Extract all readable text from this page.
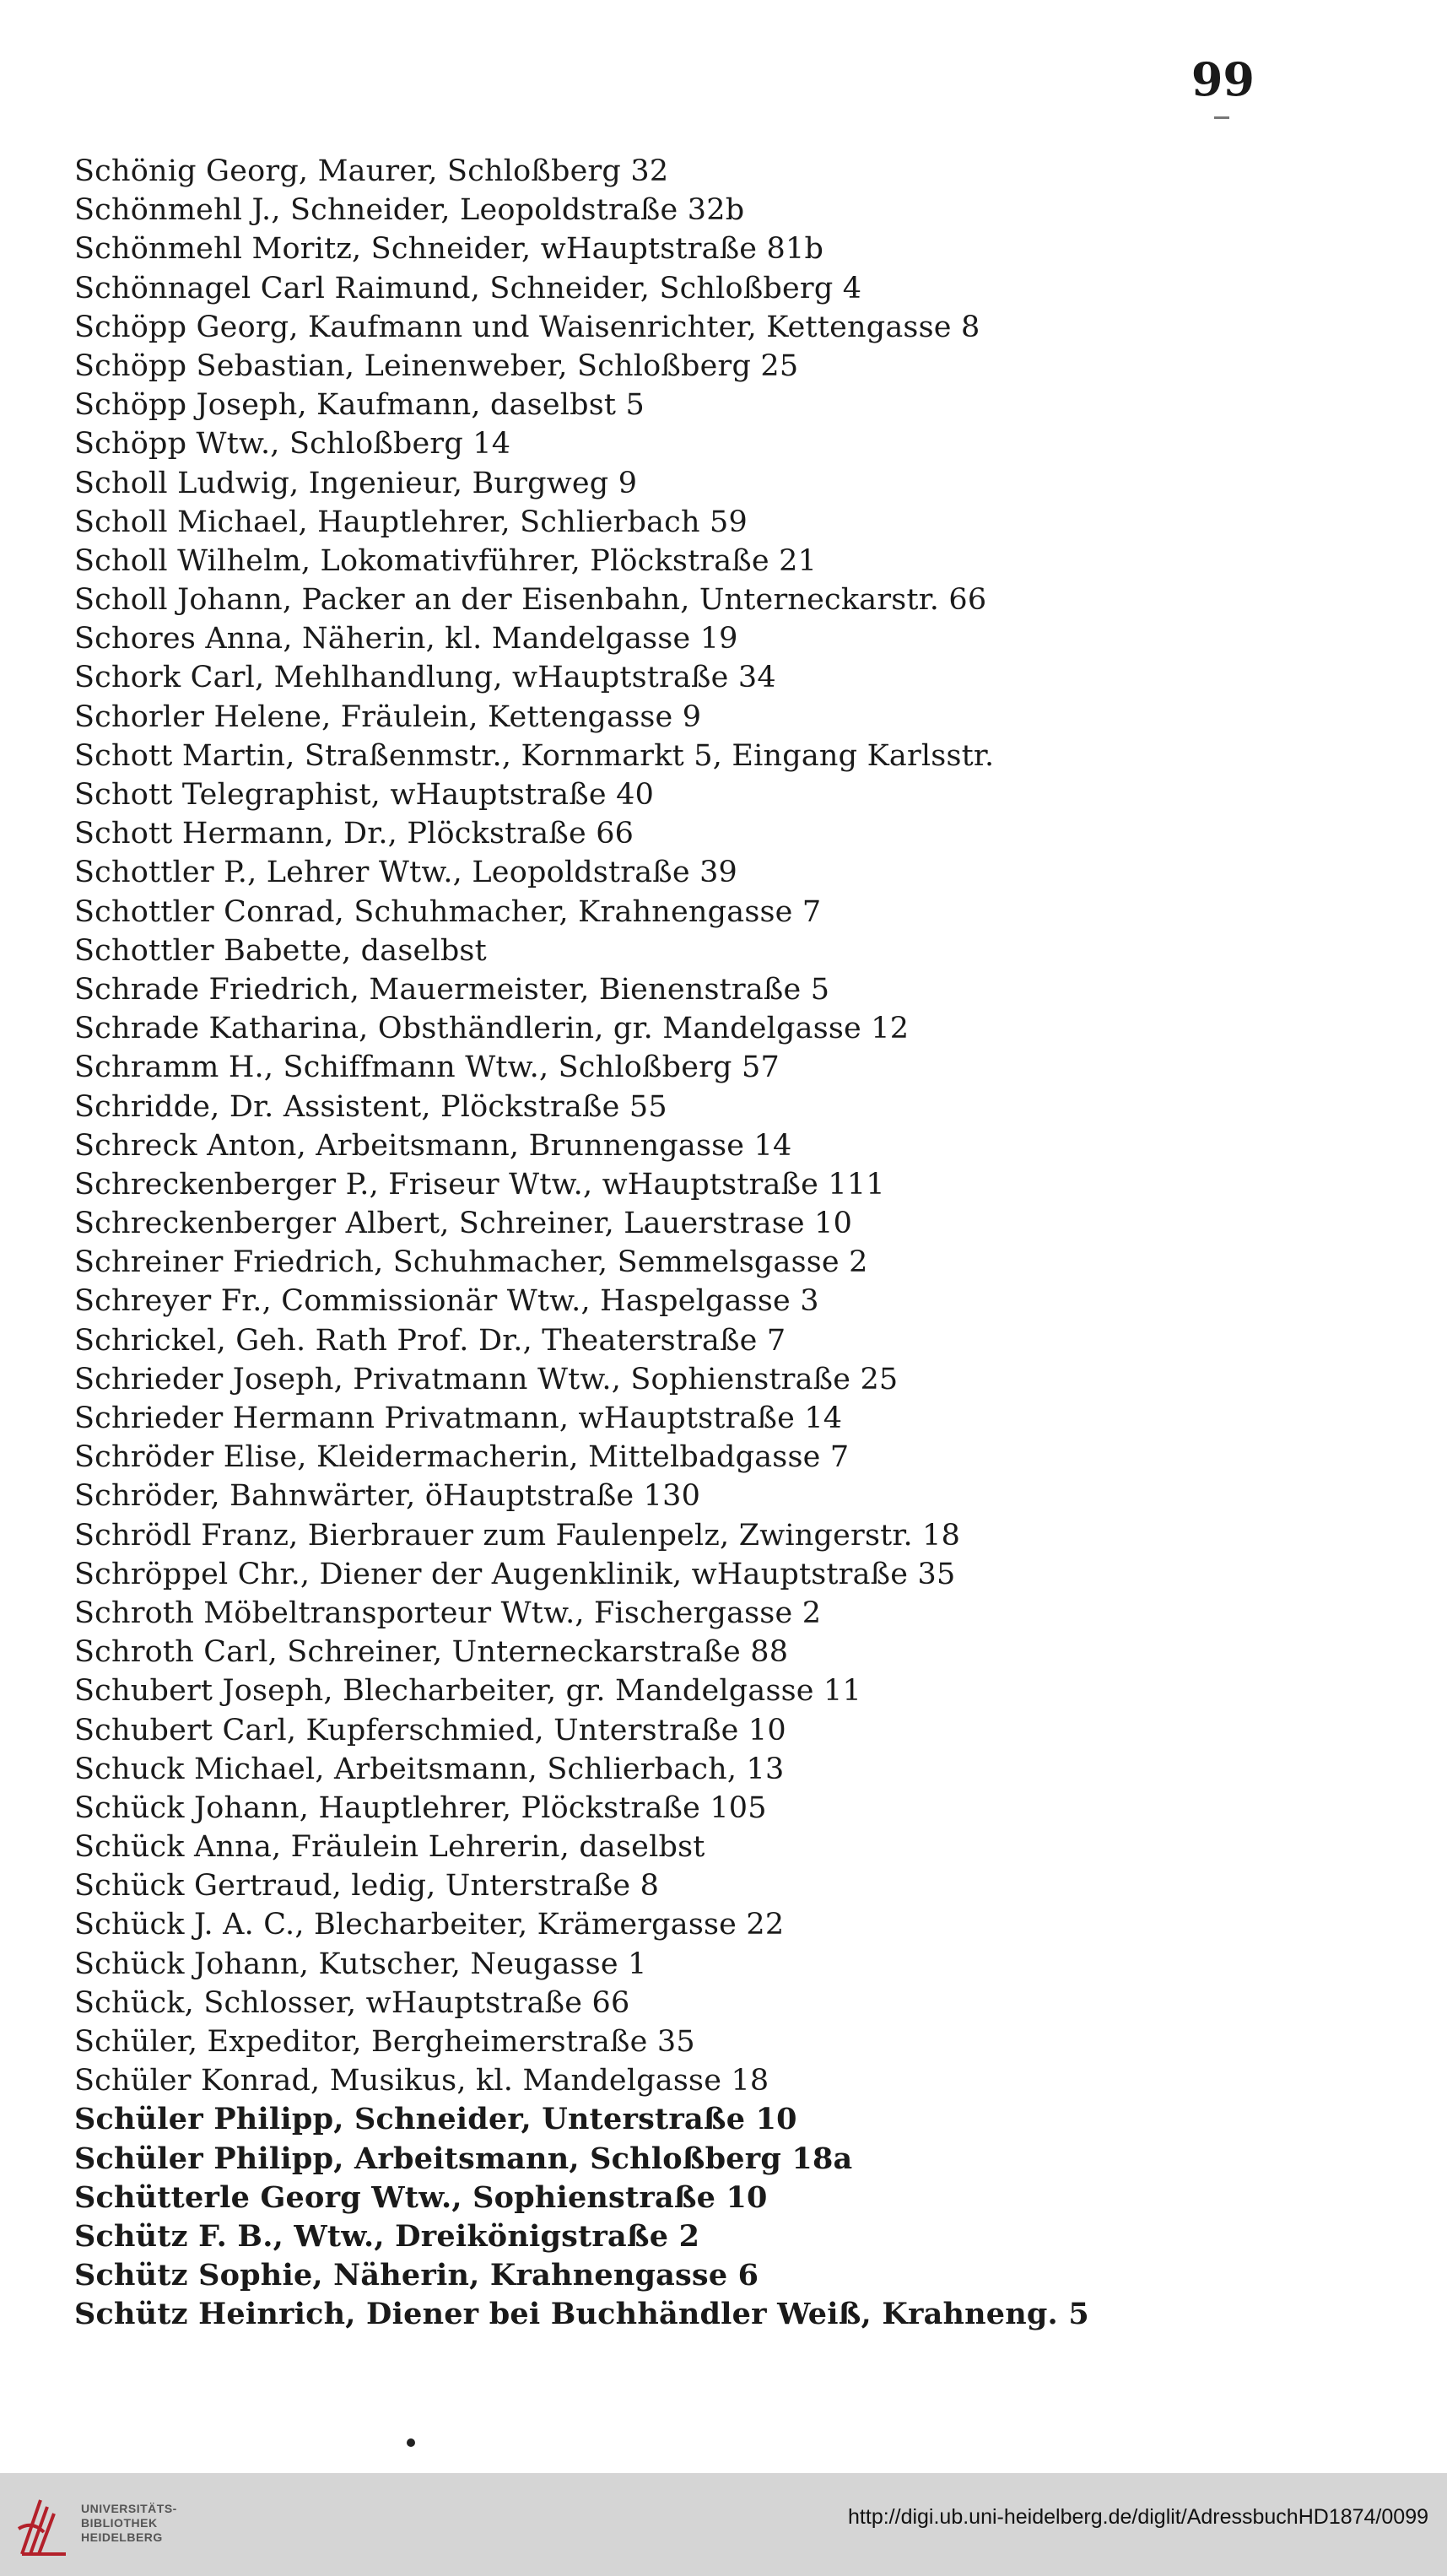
99
Schönig Georg, Maurer, Schloßberg 32
Schönmehl J., Schneider, Leopoldstraße 32b
Schönmehl Moritz, Schneider, wHauptstraße 81b
Schönnagel Carl Raimund, Schneider, Schloßberg 4
Schöpp Georg, Kaufmann und Waisenrichter, Kettengasse 8
Schöpp Sebastian, Leinenweber, Schloßberg 25
Schöpp Joseph, Kaufmann, daselbst 5
Schöpp Wtw., Schloßberg 14
Scholl Ludwig, Ingenieur, Burgweg 9
Scholl Michael, Hauptlehrer, Schlierbach 59
Scholl Wilhelm, Lokomativführer, Plöckstraße 21
Scholl Johann, Packer an der Eisenbahn, Unterneckarstr. 66
Schores Anna, Näherin, kl. Mandelgasse 19
Schork Carl, Mehlhandlung, wHauptstraße 34
Schorler Helene, Fräulein, Kettengasse 9
Schott Martin, Straßenmstr., Kornmarkt 5, Eingang Karlsstr.
Schott Telegraphist, wHauptstraße 40
Schott Hermann, Dr., Plöckstraße 66
Schottler P., Lehrer Wtw., Leopoldstraße 39
Schottler Conrad, Schuhmacher, Krahnengasse 7
Schottler Babette, daselbst
Schrade Friedrich, Mauermeister, Bienenstraße 5
Schrade Katharina, Obsthändlerin, gr. Mandelgasse 12
Schramm H., Schiffmann Wtw., Schloßberg 57
Schridde, Dr. Assistent, Plöckstraße 55
Schreck Anton, Arbeitsmann, Brunnengasse 14
Schreckenberger P., Friseur Wtw., wHauptstraße 111
Schreckenberger Albert, Schreiner, Lauerstrase 10
Schreiner Friedrich, Schuhmacher, Semmelsgasse 2
Schreyer Fr., Commissionär Wtw., Haspelgasse 3
Schrickel, Geh. Rath Prof. Dr., Theaterstraße 7
Schrieder Joseph, Privatmann Wtw., Sophienstraße 25
Schrieder Hermann Privatmann, wHauptstraße 14
Schröder Elise, Kleidermacherin, Mittelbadgasse 7
Schröder, Bahnwärter, öHauptstraße 130
Schrödl Franz, Bierbrauer zum Faulenpelz, Zwingerstr. 18
Schröppel Chr., Diener der Augenklinik, wHauptstraße 35
Schroth Möbeltransporteur Wtw., Fischergasse 2
Schroth Carl, Schreiner, Unterneckarstraße 88
Schubert Joseph, Blecharbeiter, gr. Mandelgasse 11
Schubert Carl, Kupferschmied, Unterstraße 10
Schuck Michael, Arbeitsmann, Schlierbach, 13
Schück Johann, Hauptlehrer, Plöckstraße 105
Schück Anna, Fräulein Lehrerin, daselbst
Schück Gertraud, ledig, Unterstraße 8
Schück J. A. C., Blecharbeiter, Krämergasse 22
Schück Johann, Kutscher, Neugasse 1
Schück, Schlosser, wHauptstraße 66
Schüler, Expeditor, Bergheimerstraße 35
Schüler Konrad, Musikus, kl. Mandelgasse 18
Schüler Philipp, Schneider, Unterstraße 10
Schüler Philipp, Arbeitsmann, Schloßberg 18a
Schütterle Georg Wtw., Sophienstraße 10
Schütz F. B., Wtw., Dreikönigstraße 2
Schütz Sophie, Näherin, Krahnengasse 6
Schütz Heinrich, Diener bei Buchhändler Weiß, Krahneng. 5
UNIVERSITÄTS-
BIBLIOTHEK
HEIDELBERG
http://digi.ub.uni-heidelberg.de/diglit/AdressbuchHD1874/0099
